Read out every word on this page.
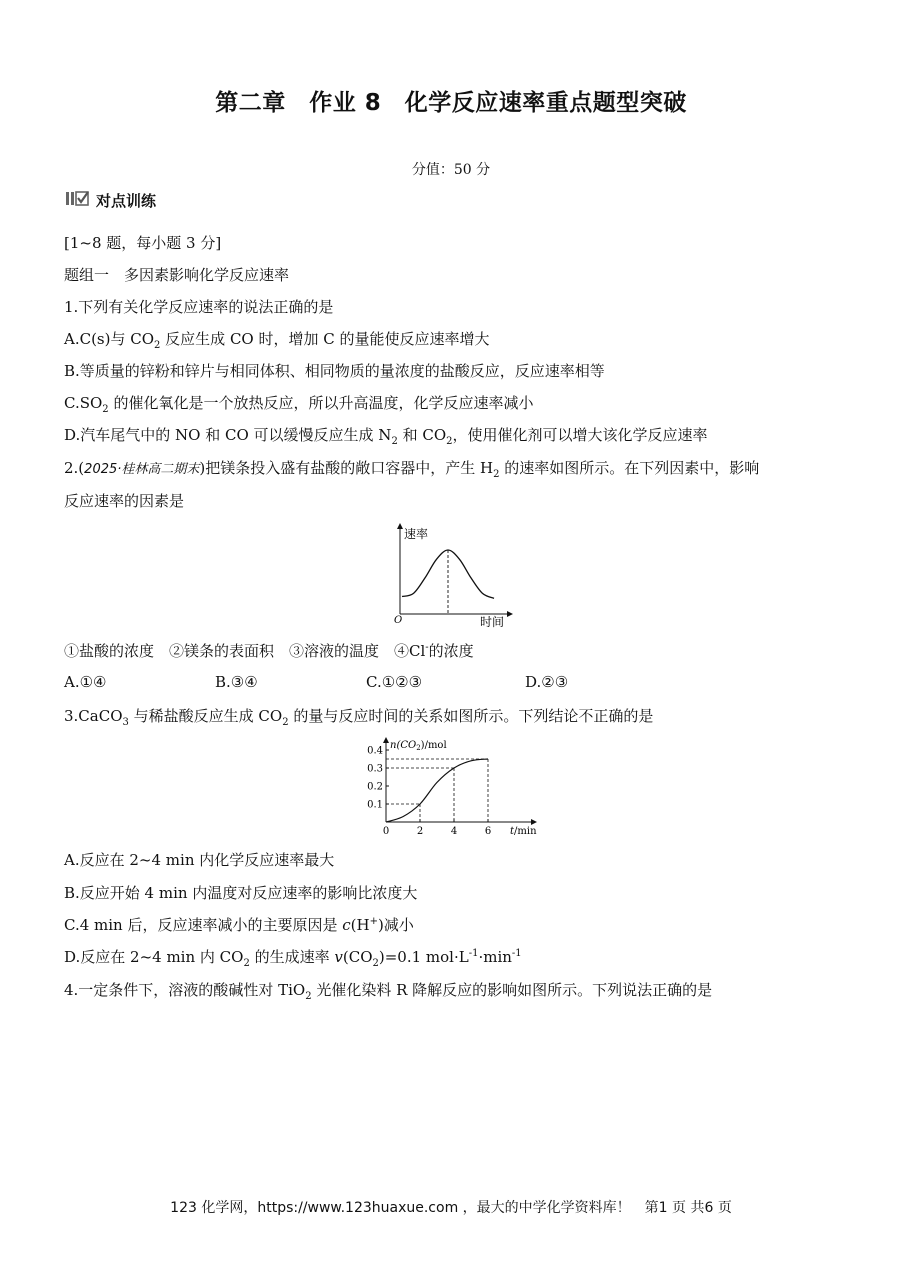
第二章　作业 8　化学反应速率重点题型突破
分值：50 分
对点训练
[1~8 题，每小题 3 分]
题组一　多因素影响化学反应速率
1.下列有关化学反应速率的说法正确的是
A.C(s)与 $CO_2$ 反应生成 CO 时，增加 C 的量能使反应速率增大
B.等质量的锌粉和锌片与相同体积、相同物质的量浓度的盐酸反应，反应速率相等
$C.SO_2$ 的催化氧化是一个放热反应，所以升高温度，化学反应速率减小
D.汽车尾气中的 NO 和 CO 可以缓慢反应生成 $N_2$ 和 $CO_2$，使用催化剂可以增大该化学反应速率
2.(2025·桂林高二期末)把镁条投入盛有盐酸的敞口容器中，产生 $H_2$ 的速率如图所示。在下列因素中，影响
反应速率的因素是
速率
时间
O
①盐酸的浓度　②镁条的表面积　③溶液的温度　④Cl-的浓度
A.①④	B.③④	C.①②③	D.②③
3.CaCO$_3$ 与稀盐酸反应生成 $CO_2$ 的量与反应时间的关系如图所示。下列结论不正确的是
$n(CO_2)$/mol
t/min
0	2	4	6
0.1
0.2
0.3
0.4
A.反应在 2~4 min 内化学反应速率最大
B.反应开始 4 min 内温度对反应速率的影响比浓度大
C.4 min 后，反应速率减小的主要原因是 c(H+)减小
D.反应在 2~4 min 内 $CO_2$ 的生成速率 $v(CO_2)=0.1$ $mol\cdot L^{-1}\cdot\min^{-1}$
4.一定条件下，溶液的酸碱性对 TiO$_2$ 光催化染料 R 降解反应的影响如图所示。下列说法正确的是
123 化学网，https://www.123huaxue.com ，最大的中学化学资料库！　第1 页 共6 页
